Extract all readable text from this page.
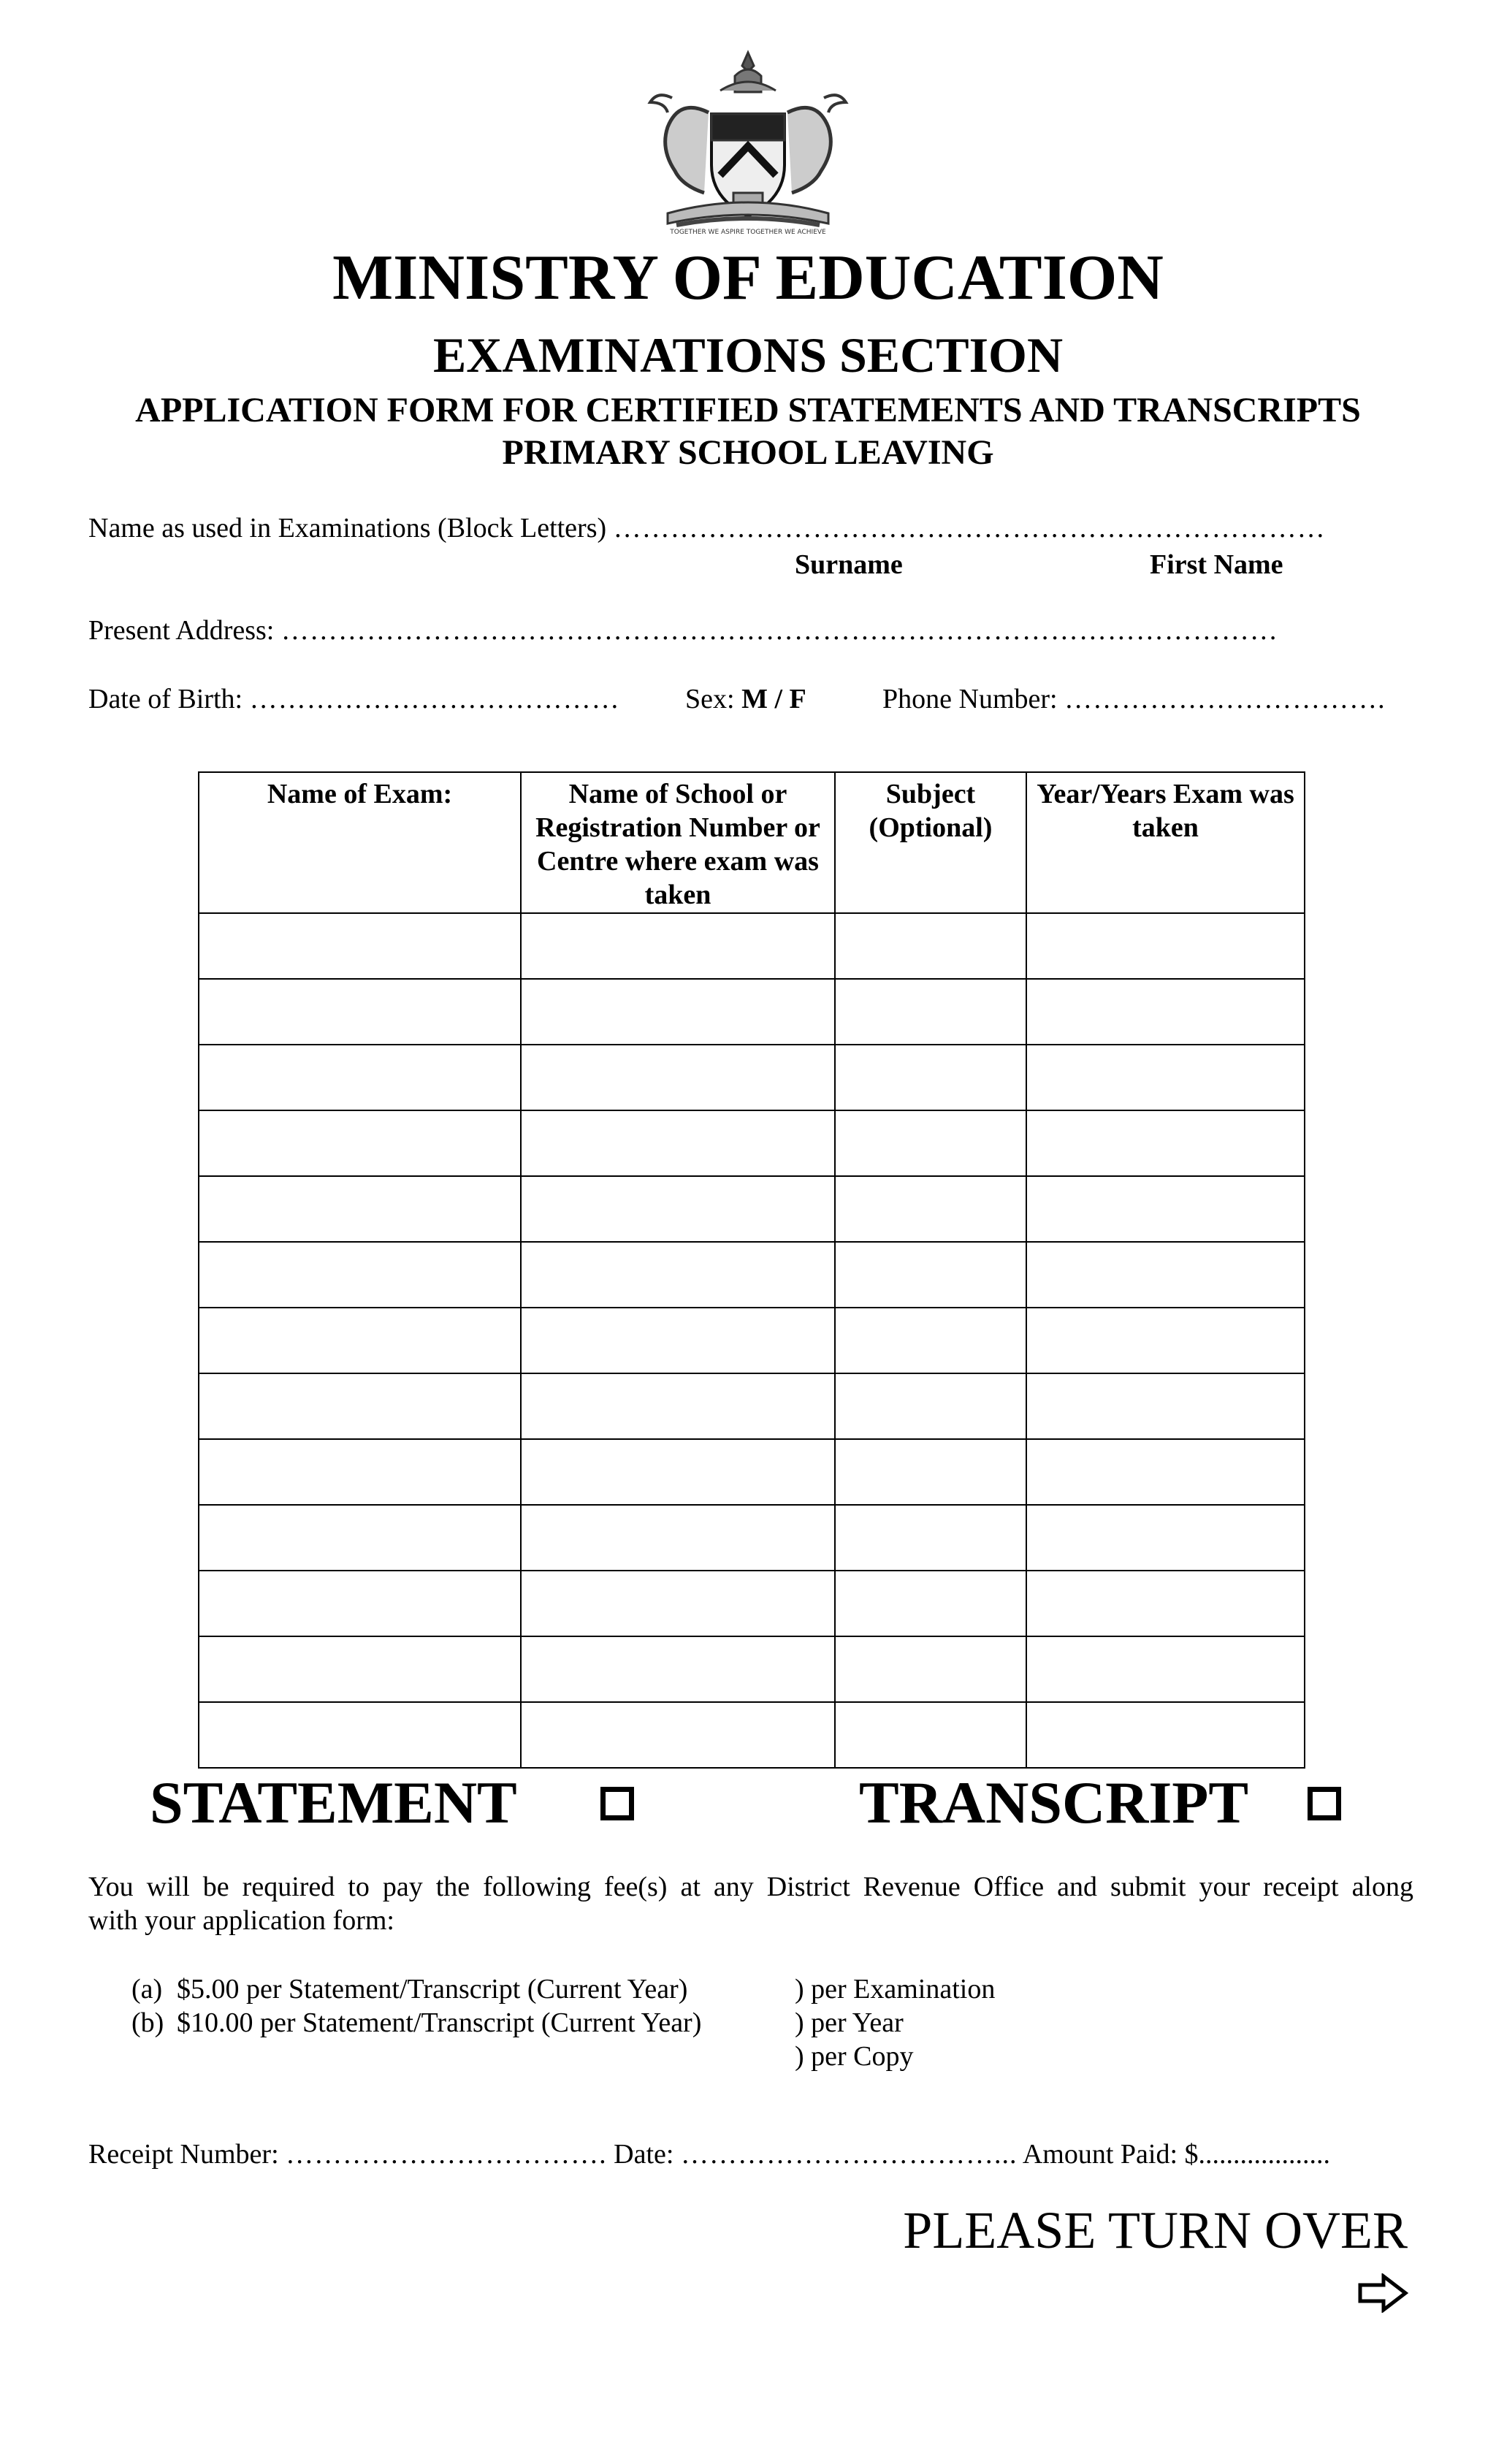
TOGETHER WE ASPIRE TOGETHER WE ACHIEVE
MINISTRY OF EDUCATION
EXAMINATIONS SECTION
APPLICATION FORM FOR CERTIFIED STATEMENTS AND TRANSCRIPTS
PRIMARY SCHOOL LEAVING
Name as used in Examinations (Block Letters) …………………………………………………………………
Surname	First Name
Present Address: ……………………………………………………………………………………………
Date of Birth: ………………………………… Sex: M / F	Phone Number: …………………………….
Name of Exam:	Name of School or Registration Number or Centre where exam was taken	Subject (Optional)	Year/Years Exam was taken

STATEMENT	TRANSCRIPT
You will be required to pay the following fee(s) at any District Revenue Office and submit your receipt along
with your application form:
(a) $5.00 per Statement/Transcript (Current Year)
(b) $10.00 per Statement/Transcript (Current Year)
) per Examination
) per Year
) per Copy
Receipt Number: ……………………………. Date: ……………………………... Amount Paid: $...................
PLEASE TURN OVER
